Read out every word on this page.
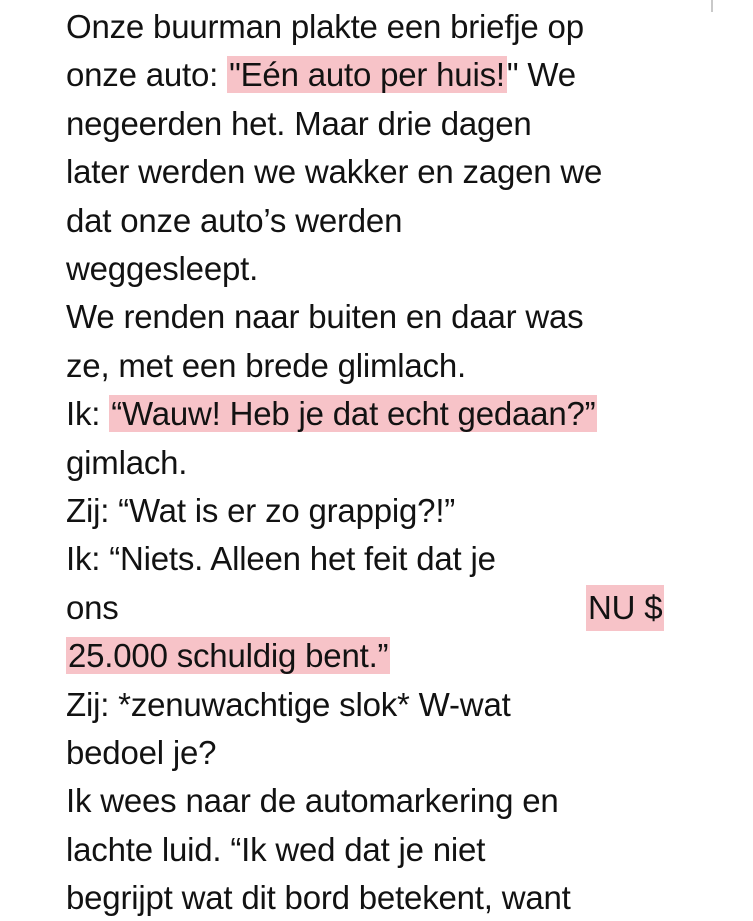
Onze buurman plakte een briefje op
onze auto: "Eén auto per huis!" We
negeerden het. Maar drie dagen
later werden we wakker en zagen we
dat onze auto’s werden
weggesleept.
We renden naar buiten en daar was
ze, met een brede glimlach.
Ik: “Wauw! Heb je dat echt gedaan?”
gimlach.
Zij: “Wat is er zo grappig?!”
Ik: “Niets. Alleen het feit dat je
ons	NU $
25.000 schuldig bent.”
Zij: *zenuwachtige slok* W-wat
bedoel je?
Ik wees naar de automarkering en
lachte luid. “Ik wed dat je niet
begrijpt wat dit bord betekent, want
